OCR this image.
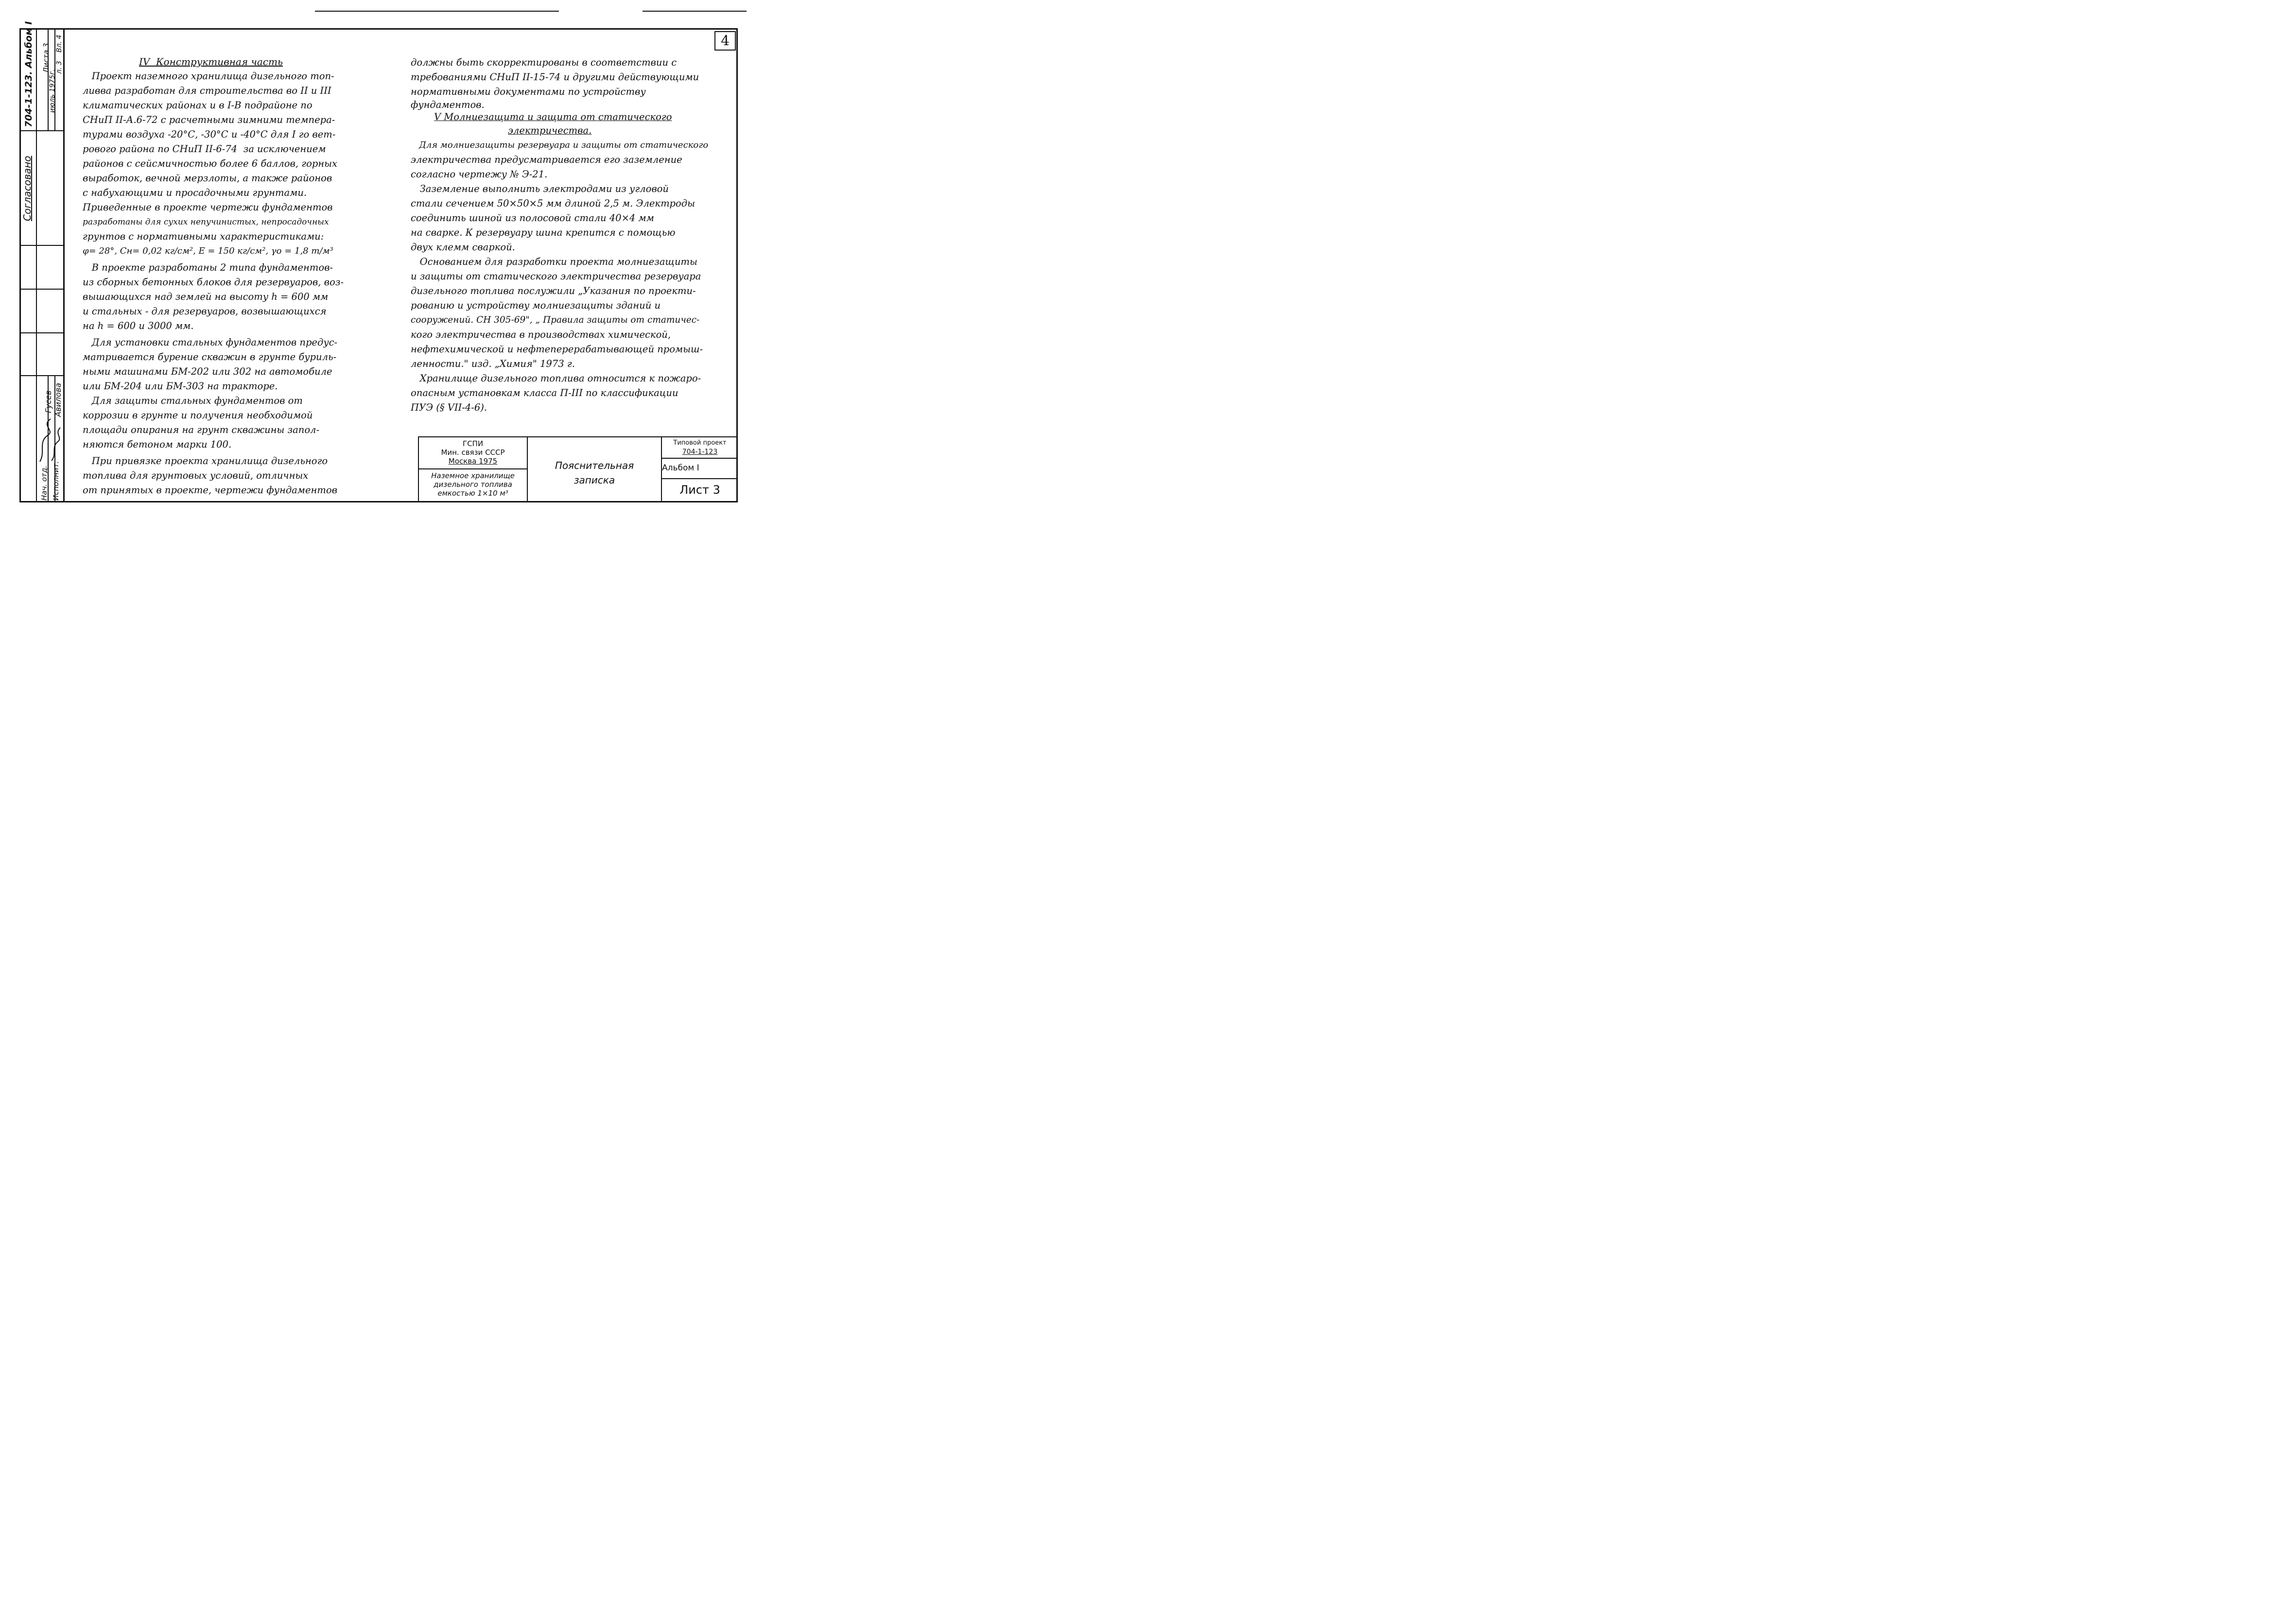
704-1-123. Альбом I июль 1975г.
Листа 3 л. 3
Вл. 4
Согласовано
Нач. отд.
Гусев
Исполнит.
Авилова
4

IV  Конструктивная часть

Проект наземного хранилища дизельного топ-

ливва разработан для строительства во II и III

климатических районах и в I-В подрайоне по

СНиП II-А.6-72 с расчетными зимними темпера-

турами воздуха -20°С, -30°С и -40°С для I го вет-

рового района по СНиП II-6-74  за исключением

районов с сейсмичностью более 6 баллов, горных

выработок, вечной мерзлоты, а также районов

с набухающими и просадочными грунтами.

Приведенные в проекте чертежи фундаментов

разработаны для сухих непучинистых, непросадочных

грунтов с нормативными характеристиками:

φ= 28°, Сн= 0,02 кг/см², Е = 150 кг/см², γо = 1,8 т/м³

В проекте разработаны 2 типа фундаментов-

из сборных бетонных блоков для резервуаров, воз-

вышающихся над землей на высоту h = 600 мм

и стальных - для резервуаров, возвышающихся

на h = 600 и 3000 мм.

Для установки стальных фундаментов предус-

матривается бурение скважин в грунте буриль-

ными машинами БМ-202 или 302 на автомобиле

или БМ-204 или БМ-303 на тракторе.

Для защиты стальных фундаментов от

коррозии в грунте и получения необходимой

площади опирания на грунт скважины запол-

няются бетоном марки 100.

При привязке проекта хранилища дизельного

топлива для грунтовых условий, отличных

от принятых в проекте, чертежи фундаментов

должны быть скорректированы в соответствии с

требованиями СНиП II-15-74 и другими действующими

нормативными документами по устройству

фундаментов.

V Молниезащита и защита от статического

электричества.

Для молниезащиты резервуара и защиты от статического

электричества предусматривается его заземление

согласно чертежу № Э-21.

Заземление выполнить электродами из угловой

стали сечением 50×50×5 мм длиной 2,5 м. Электроды

соединить шиной из полосовой стали 40×4 мм

на сварке. К резервуару шина крепится с помощью

двух клемм сваркой.

Основанием для разработки проекта молниезащиты

и защиты от статического электричества резервуара

дизельного топлива послужили „Указания по проекти-

рованию и устройству молниезащиты зданий и

сооружений. СН 305-69", „ Правила защиты от статичес-

кого электричества в производствах химической,

нефтехимической и нефтеперерабатывающей промыш-

ленности." изд. „Химия" 1973 г.

Хранилище дизельного топлива относится к пожаро-

опасным установкам класса П-III по классификации

ПУЭ (§ VII-4-6).

ГСПИ
Мин. связи СССР
Москва 1975
Наземное хранилище
дизельного топлива
емкостью 1×10 м³
Пояснительная
записка
Типовой проект
704-1-123
Альбом I
Лист 3
